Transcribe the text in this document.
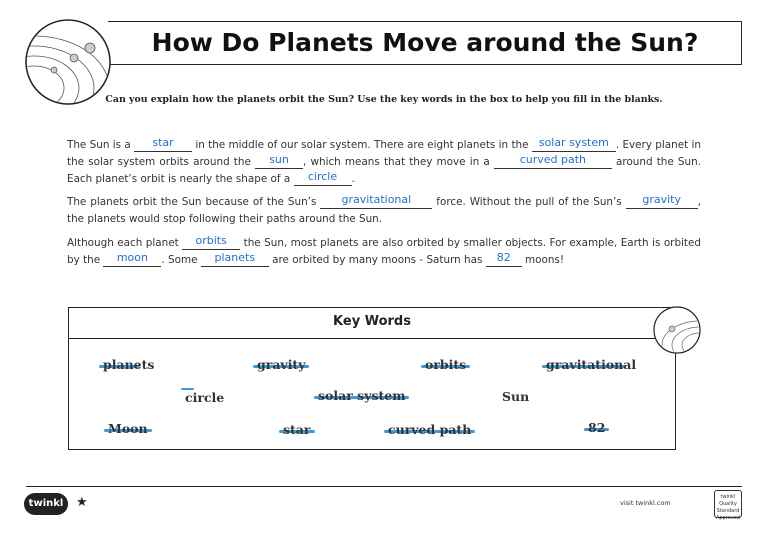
How Do Planets Move around the Sun?
Can you explain how the planets orbit the Sun? Use the key words in the box to help you fill in the blanks.
The Sun is a star in the middle of our solar system. There are eight planets in the solar system . Every planet in the solar system orbits around the sun , which means that they move in a curved path around the Sun. Each planet’s orbit is nearly the shape of a circle .
The planets orbit the Sun because of the Sun’s gravitational force. Without the pull of the Sun’s gravity , the planets would stop following their paths around the Sun.
Although each planet orbits the Sun, most planets are also orbited by smaller objects. For example, Earth is orbited by the moon . Some planets are orbited by many moons - Saturn has 82 moons!
Key Words
planets	gravity	orbits	gravitational
circle	solar system	Sun
Moon	star	curved path	82
twinkl ★	visit twinkl.com
twinkl Quality Standard Approved
